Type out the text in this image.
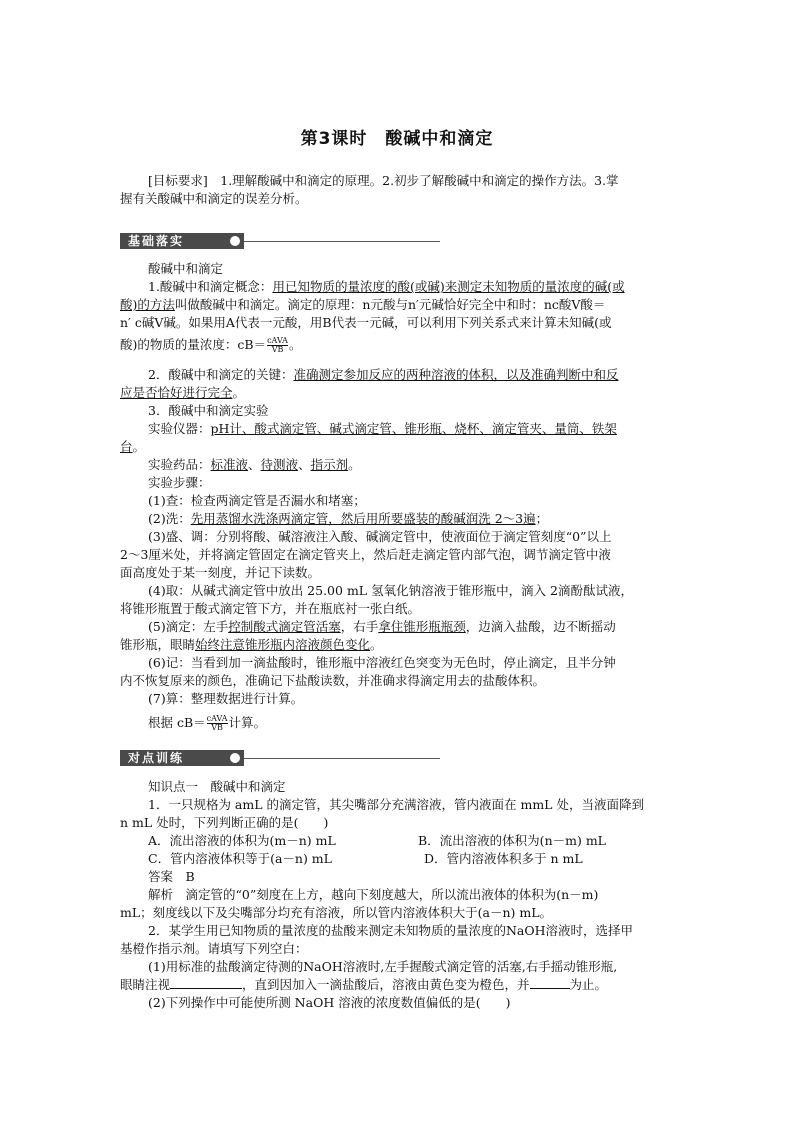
第3课时　酸碱中和滴定
[目标要求]　1.理解酸碱中和滴定的原理。2.初步了解酸碱中和滴定的操作方法。3.掌
握有关酸碱中和滴定的误差分析。
基础落实
酸碱中和滴定
1.酸碱中和滴定概念：用已知物质的量浓度的酸(或碱)来测定未知物质的量浓度的碱(或
酸)的方法叫做酸碱中和滴定。滴定的原理：n元酸与n′元碱恰好完全中和时：nc酸V酸＝
n′ c碱V碱。如果用A代表一元酸，用B代表一元碱，可以利用下列关系式来计算未知碱(或
酸)的物质的量浓度：$cB= \frac{\text{cAVA}}{VB}$ 。
2．酸碱中和滴定的关键：准确测定参加反应的两种溶液的体积，以及准确判断中和反
应是否恰好进行完全。
3．酸碱中和滴定实验
实验仪器：pH计、酸式滴定管、碱式滴定管、锥形瓶、烧杯、滴定管夹、量筒、铁架
台。
实验药品：标准液、待测液、指示剂。
实验步骤：
(1)查：检查两滴定管是否漏水和堵塞；
(2)洗：先用蒸馏水洗涤两滴定管，然后用所要盛装的酸碱润洗 2～3遍；
(3)盛、调：分别将酸、碱溶液注入酸、碱滴定管中，使液面位于滴定管刻度“0”以上
2～3厘米处，并将滴定管固定在滴定管夹上，然后赶走滴定管内部气泡，调节滴定管中液
面高度处于某一刻度，并记下读数。
(4)取：从碱式滴定管中放出 25.00 mL 氢氧化钠溶液于锥形瓶中，滴入 2滴酚酞试液，
将锥形瓶置于酸式滴定管下方，并在瓶底衬一张白纸。
(5)滴定：左手控制酸式滴定管活塞，右手拿住锥形瓶瓶颈，边滴入盐酸，边不断摇动
锥形瓶，眼睛始终注意锥形瓶内溶液颜色变化。
(6)记：当看到加一滴盐酸时，锥形瓶中溶液红色突变为无色时，停止滴定，且半分钟
内不恢复原来的颜色，准确记下盐酸读数，并准确求得滴定用去的盐酸体积。
(7)算：整理数据进行计算。
根据 $cB= \frac{\text{cAVA}}{VB}$ 计算。
对点训练
知识点一　酸碱中和滴定
1．一只规格为 amL 的滴定管，其尖嘴部分充满溶液，管内液面在 mmL 处，当液面降到
n mL 处时，下列判断正确的是(　　)
A．流出溶液的体积为(m－n) mL	B．流出溶液的体积为(n－m) mL
C．管内溶液体积等于(a－n) mL	D．管内溶液体积多于 n mL
答案　B
解析　滴定管的“0”刻度在上方，越向下刻度越大，所以流出液体的体积为(n－m)
mL；刻度线以下及尖嘴部分均充有溶液，所以管内溶液体积大于(a－n) mL。
2．某学生用已知物质的量浓度的盐酸来测定未知物质的量浓度的NaOH溶液时，选择甲
基橙作指示剂。请填写下列空白：
(1)用标准的盐酸滴定待测的NaOH溶液时,左手握酸式滴定管的活塞,右手摇动锥形瓶,
眼睛注视	，直到因加入一滴盐酸后，溶液由黄色变为橙色，并	为止。
(2)下列操作中可能使所测 NaOH 溶液的浓度数值偏低的是(　　)
